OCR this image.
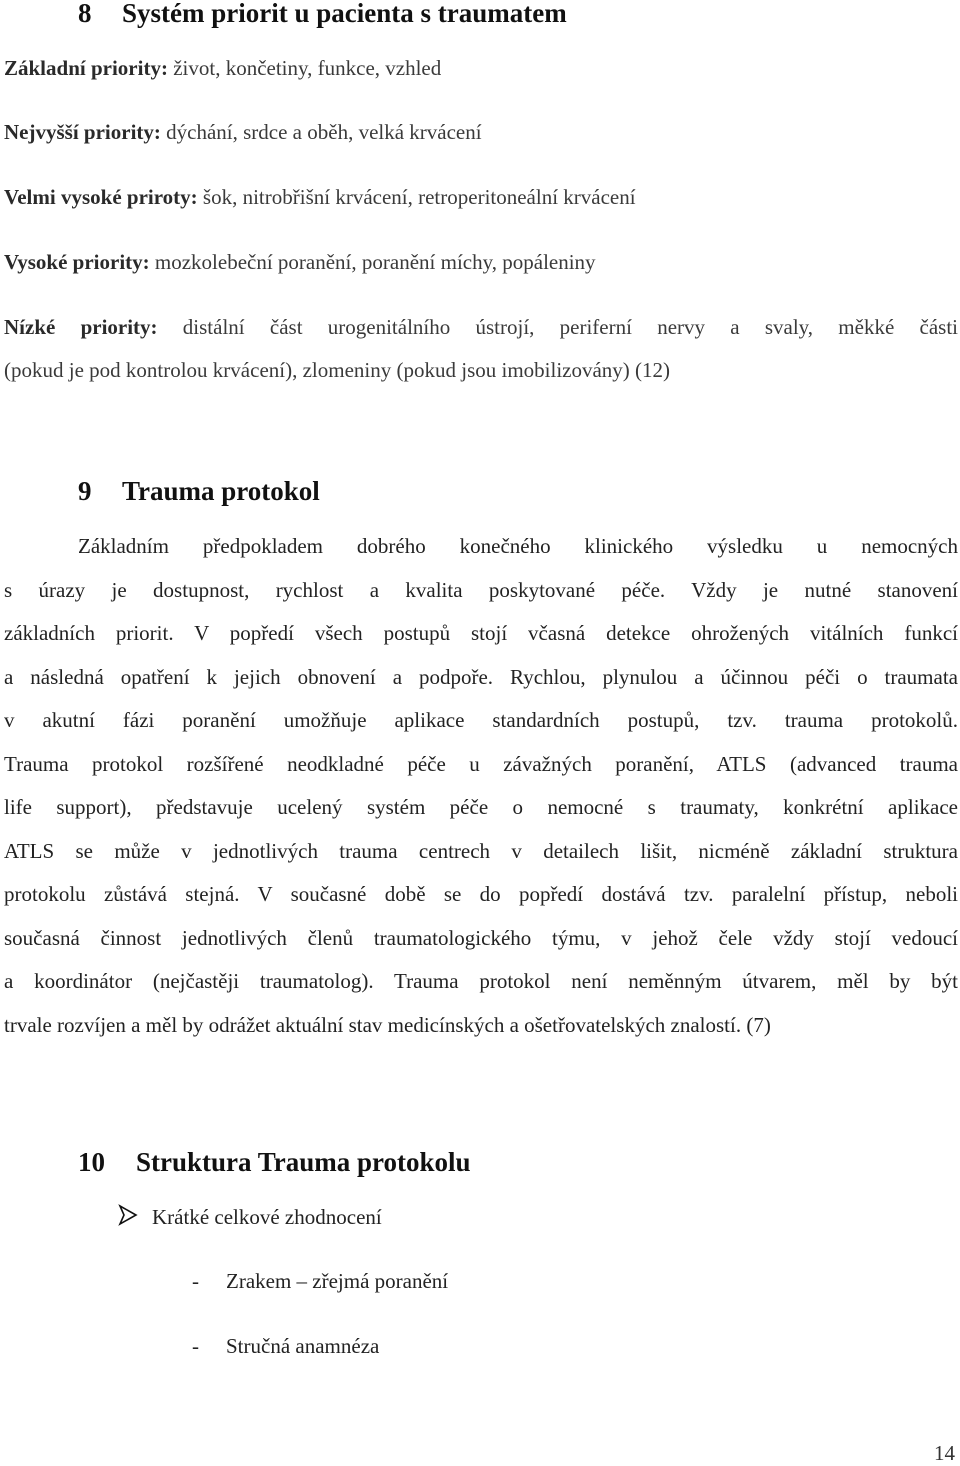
8 Systém priorit u pacienta s traumatem
Základní priority: život, končetiny, funkce, vzhled
Nejvyšší priority: dýchání, srdce a oběh, velká krvácení
Velmi vysoké priroty: šok, nitrobřišní krvácení, retroperitoneální krvácení
Vysoké priority: mozkolebeční poranění, poranění míchy, popáleniny
Nízké priority: distální část urogenitálního ústrojí, periferní nervy a svaly, měkké části
(pokud je pod kontrolou krvácení), zlomeniny (pokud jsou imobilizovány) (12)
9 Trauma protokol
Základním předpokladem dobrého konečného klinického výsledku u nemocných
s úrazy je dostupnost, rychlost a kvalita poskytované péče. Vždy je nutné stanovení
základních priorit. V popředí všech postupů stojí včasná detekce ohrožených vitálních funkcí
a následná opatření k jejich obnovení a podpoře. Rychlou, plynulou a účinnou péči o traumata
v akutní fázi poranění umožňuje aplikace standardních postupů, tzv. trauma protokolů.
Trauma protokol rozšířené neodkladné péče u závažných poranění, ATLS (advanced trauma
life support), představuje ucelený systém péče o nemocné s traumaty, konkrétní aplikace
ATLS se může v jednotlivých trauma centrech v detailech lišit, nicméně základní struktura
protokolu zůstává stejná. V současné době se do popředí dostává tzv. paralelní přístup, neboli
současná činnost jednotlivých členů traumatologického týmu, v jehož čele vždy stojí vedoucí
a koordinátor (nejčastěji traumatolog). Trauma protokol není neměnným útvarem, měl by být
trvale rozvíjen a měl by odrážet aktuální stav medicínských a ošetřovatelských znalostí. (7)
10 Struktura Trauma protokolu
Krátké celkové zhodnocení
- Zrakem – zřejmá poranění
- Stručná anamnéza
14
